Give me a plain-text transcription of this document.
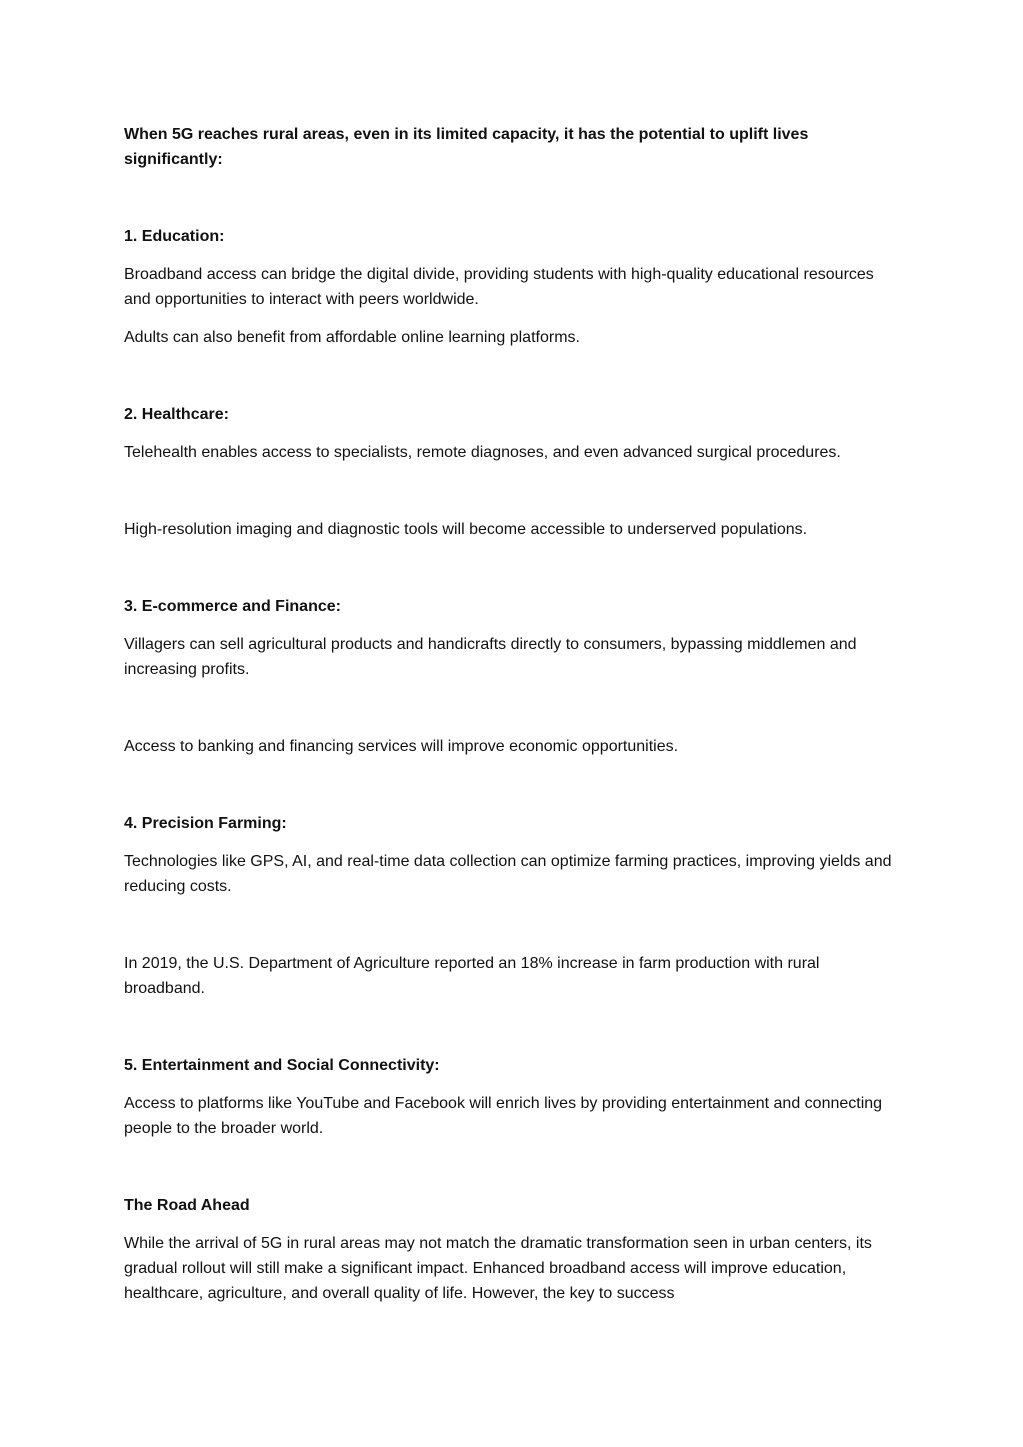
When 5G reaches rural areas, even in its limited capacity, it has the potential to uplift lives significantly:

1. Education:

Broadband access can bridge the digital divide, providing students with high-quality educational resources and opportunities to interact with peers worldwide.

Adults can also benefit from affordable online learning platforms.

2. Healthcare:

Telehealth enables access to specialists, remote diagnoses, and even advanced surgical procedures.

High-resolution imaging and diagnostic tools will become accessible to underserved populations.

3. E-commerce and Finance:

Villagers can sell agricultural products and handicrafts directly to consumers, bypassing middlemen and increasing profits.

Access to banking and financing services will improve economic opportunities.

4. Precision Farming:

Technologies like GPS, AI, and real-time data collection can optimize farming practices, improving yields and reducing costs.

In 2019, the U.S. Department of Agriculture reported an 18% increase in farm production with rural broadband.

5. Entertainment and Social Connectivity:

Access to platforms like YouTube and Facebook will enrich lives by providing entertainment and connecting people to the broader world.

The Road Ahead

While the arrival of 5G in rural areas may not match the dramatic transformation seen in urban centers, its gradual rollout will still make a significant impact. Enhanced broadband access will improve education, healthcare, agriculture, and overall quality of life. However, the key to success
